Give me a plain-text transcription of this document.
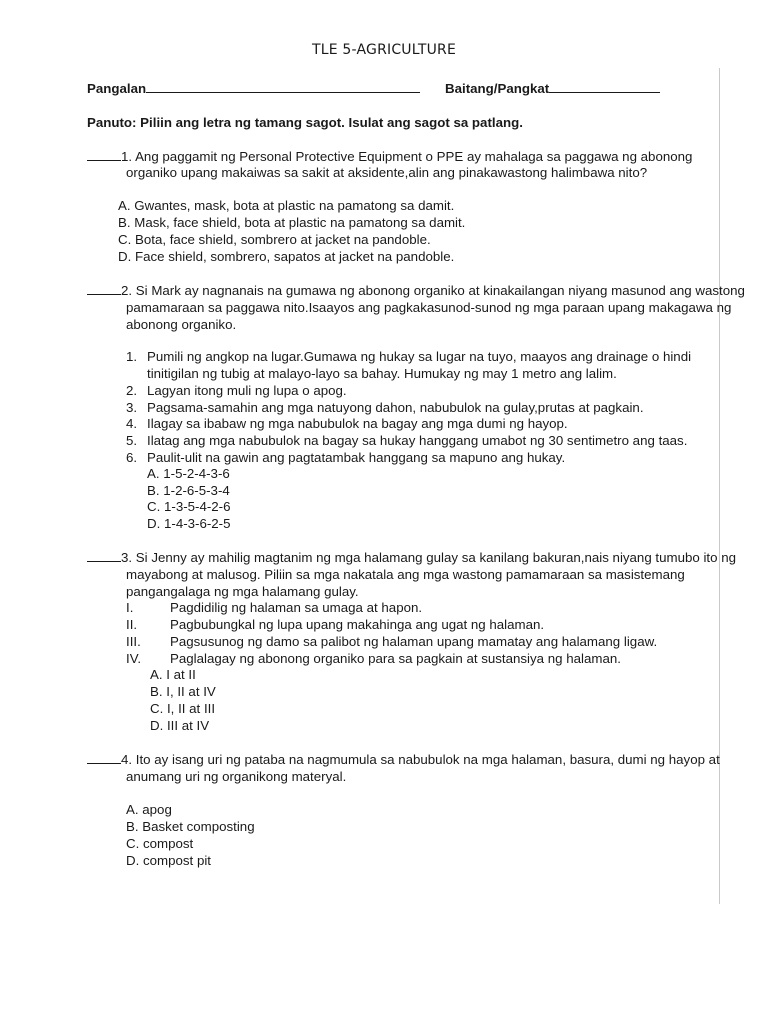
TLE 5-AGRICULTURE
Pangalan	Baitang/Pangkat
Panuto: Piliin ang letra ng tamang sagot. Isulat ang sagot sa patlang.
1. Ang paggamit ng Personal Protective Equipment o PPE ay mahalaga sa paggawa ng abonong
organiko upang makaiwas sa sakit at aksidente,alin ang pinakawastong halimbawa nito?
A. Gwantes, mask, bota at plastic na pamatong sa damit.
B. Mask, face shield, bota at plastic na pamatong sa damit.
C. Bota, face shield, sombrero at jacket na pandoble.
D. Face shield, sombrero, sapatos at jacket na pandoble.
2. Si Mark ay nagnanais na gumawa ng abonong organiko at kinakailangan niyang masunod ang wastong
pamamaraan sa paggawa nito.Isaayos ang pagkakasunod-sunod ng mga paraan upang makagawa ng
abonong organiko.
1. Pumili ng angkop na lugar.Gumawa ng hukay sa lugar na tuyo, maayos ang drainage o hindi
tinitigilan ng tubig at malayo-layo sa bahay. Humukay ng may 1 metro ang lalim.
2. Lagyan itong muli ng lupa o apog.
3. Pagsama-samahin ang mga natuyong dahon, nabubulok na gulay,prutas at pagkain.
4. Ilagay sa ibabaw ng mga nabubulok na bagay ang mga dumi ng hayop.
5. Ilatag ang mga nabubulok na bagay sa hukay hanggang umabot ng 30 sentimetro ang taas.
6. Paulit-ulit na gawin ang pagtatambak hanggang sa mapuno ang hukay.
A. 1-5-2-4-3-6
B. 1-2-6-5-3-4
C. 1-3-5-4-2-6
D. 1-4-3-6-2-5
3. Si Jenny ay mahilig magtanim ng mga halamang gulay sa kanilang bakuran,nais niyang tumubo ito ng
mayabong at malusog. Piliin sa mga nakatala ang mga wastong pamamaraan sa masistemang
pangangalaga ng mga halamang gulay.
I.	Pagdidilig ng halaman sa umaga at hapon.
II. Pagbubungkal ng lupa upang makahinga ang ugat ng halaman.
III. Pagsusunog ng damo sa palibot ng halaman upang mamatay ang halamang ligaw.
IV. Paglalagay ng abonong organiko para sa pagkain at sustansiya ng halaman.
A. I at II
B. I, II at IV
C. I, II at III
D. III at IV
4. Ito ay isang uri ng pataba na nagmumula sa nabubulok na mga halaman, basura, dumi ng hayop at
anumang uri ng organikong materyal.
A. apog
B. Basket composting
C. compost
D. compost pit
